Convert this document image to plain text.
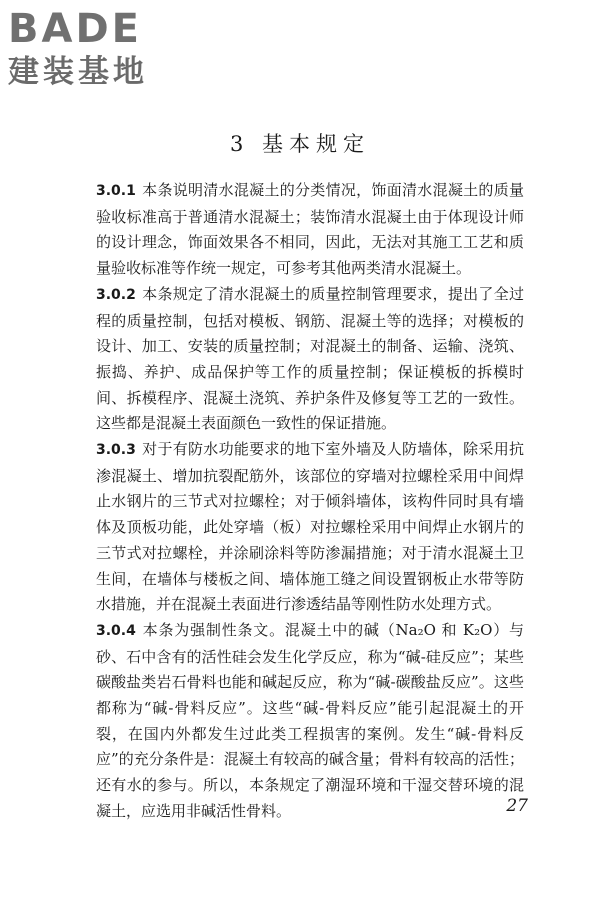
BADE
建装基地
3 基本规定

3.0.1 本条说明清水混凝土的分类情况，饰面清水混凝土的质量验收标准高于普通清水混凝土；装饰清水混凝土由于体现设计师的设计理念，饰面效果各不相同，因此，无法对其施工工艺和质量验收标准等作统一规定，可参考其他两类清水混凝土。

3.0.2 本条规定了清水混凝土的质量控制管理要求，提出了全过程的质量控制，包括对模板、钢筋、混凝土等的选择；对模板的设计、加工、安装的质量控制；对混凝土的制备、运输、浇筑、振捣、养护、成品保护等工作的质量控制；保证模板的拆模时间、拆模程序、混凝土浇筑、养护条件及修复等工艺的一致性。这些都是混凝土表面颜色一致性的保证措施。

3.0.3 对于有防水功能要求的地下室外墙及人防墙体，除采用抗渗混凝土、增加抗裂配筋外，该部位的穿墙对拉螺栓采用中间焊止水钢片的三节式对拉螺栓；对于倾斜墙体，该构件同时具有墙体及顶板功能，此处穿墙（板）对拉螺栓采用中间焊止水钢片的三节式对拉螺栓，并涂刷涂料等防渗漏措施；对于清水混凝土卫生间，在墙体与楼板之间、墙体施工缝之间设置钢板止水带等防水措施，并在混凝土表面进行渗透结晶等刚性防水处理方式。

3.0.4 本条为强制性条文。混凝土中的碱（Na₂O 和 K₂O）与砂、石中含有的活性硅会发生化学反应，称为“碱-硅反应”；某些碳酸盐类岩石骨料也能和碱起反应，称为“碱-碳酸盐反应”。这些都称为“碱-骨料反应”。这些“碱-骨料反应”能引起混凝土的开裂，在国内外都发生过此类工程损害的案例。发生“碱-骨料反应”的充分条件是：混凝土有较高的碱含量；骨料有较高的活性；还有水的参与。所以，本条规定了潮湿环境和干湿交替环境的混凝土，应选用非碱活性骨料。	27
